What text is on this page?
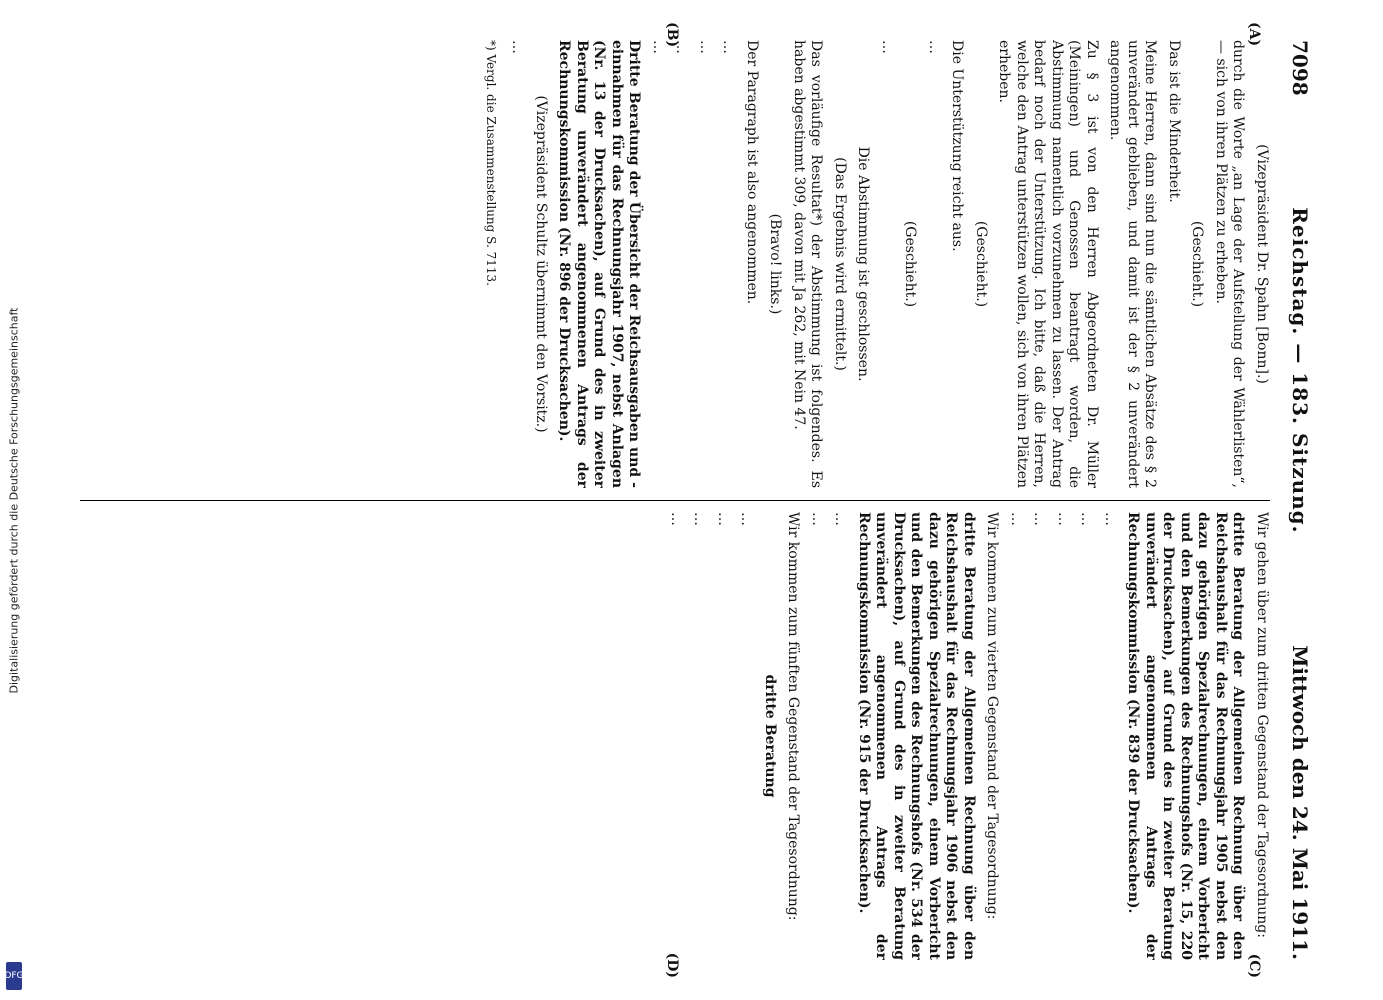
Digitalisierung gefördert durch die Deutsche Forschungsgemeinschaft
DFG
7098
Reichstag. — 183. Sitzung.
Mittwoch den 24. Mai 1911.
(A)
(B)
(C)
(D)

(Vizepräsident Dr. Spahn [Bonn].)

durch die Worte „an Lage der Aufstellung der Wählerlisten“, — sich von ihren Plätzen zu erheben.

(Geschieht.)

Das ist die Minderheit.

Meine Herren, dann sind nun die sämtlichen Absätze des § 2 unverändert geblieben, und damit ist der § 2 unverändert angenommen.

Zu § 3 ist von den Herren Abgeordneten Dr. Müller (Meiningen) und Genossen beantragt worden, die Abstimmung namentlich vorzunehmen zu lassen. Der Antrag bedarf noch der Unterstützung. Ich bitte, daß die Herren, welche den Antrag unterstützen wollen, sich von ihren Plätzen erheben.

(Geschieht.)

Die Unterstützung reicht aus.

…

(Geschieht.)

…

Die Abstimmung ist geschlossen.

(Das Ergebnis wird ermittelt.)

Das vorläufige Resultat*) der Abstimmung ist folgendes. Es haben abgestimmt 309, davon mit Ja 262, mit Nein 47.

(Bravo! links.)

Der Paragraph ist also angenommen.

…

…

…

…

Dritte Beratung der Übersicht der Reichsausgaben und -einnahmen für das Rechnungsjahr 1907, nebst Anlagen (Nr. 13 der Drucksachen), auf Grund des in zweiter Beratung unverändert angenommenen Antrags der Rechnungskommission (Nr. 896 der Drucksachen).

(Vizepräsident Schultz übernimmt den Vorsitz.)

…

*) Vergl. die Zusammenstellung S. 7113.

Wir gehen über zum dritten Gegenstand der Tagesordnung:

dritte Beratung der Allgemeinen Rechnung über den Reichshaushalt für das Rechnungsjahr 1905 nebst den dazu gehörigen Spezialrechnungen, einem Vorbericht und den Bemerkungen des Rechnungshofs (Nr. 15, 220 der Drucksachen), auf Grund des in zweiter Beratung unverändert angenommenen Antrags der Rechnungskommission (Nr. 839 der Drucksachen).

…

…

…

…

…

Wir kommen zum vierten Gegenstand der Tagesordnung:

dritte Beratung der Allgemeinen Rechnung über den Reichshaushalt für das Rechnungsjahr 1906 nebst den dazu gehörigen Spezialrechnungen, einem Vorbericht und den Bemerkungen des Rechnungshofs (Nr. 534 der Drucksachen), auf Grund des in zweiter Beratung unverändert angenommenen Antrags der Rechnungskommission (Nr. 915 der Drucksachen).

…

…

Wir kommen zum fünften Gegenstand der Tagesordnung:

dritte Beratung

…

…

…

…
